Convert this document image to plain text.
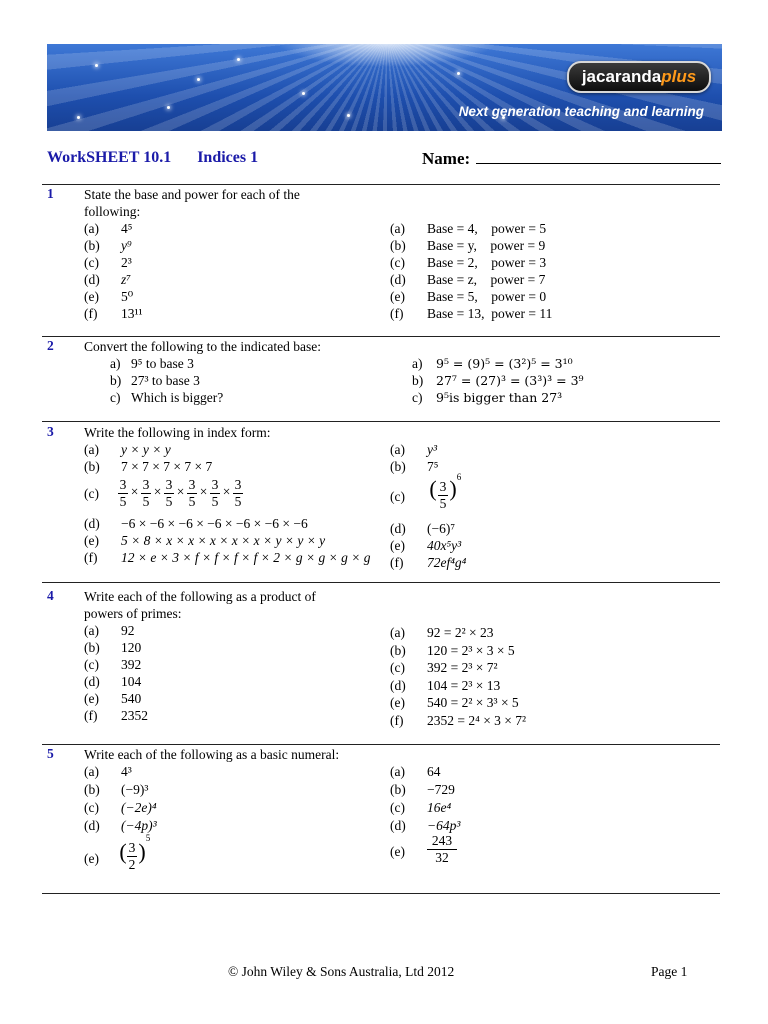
jacarandaplus
Next generation teaching and learning
WorkSHEET 10.1 Indices 1	Name:
1 State the base and power for each of the
following:
(a) 4⁵
(b) y⁹
(c) 2³
(d) z⁷
(e) 5⁰
(f) 13¹¹
(a) Base = 4,    power = 5
(b) Base = y,    power = 9
(c) Base = 2,    power = 3
(d) Base = z,    power = 7
(e) Base = 5,    power = 0
(f) Base = 13,  power = 11
2 Convert the following to the indicated base:
a) 9⁵ to base 3
b) 27³ to base 3
c) Which is bigger?
a) 9⁵ = (9)⁵ = (3²)⁵ = 3¹⁰
b) 27⁷ = (27)³ = (3³)³ = 3⁹
c) 9⁵is bigger than 27³
3 Write the following in index form:
(a) y × y × y
(b) 7 × 7 × 7 × 7 × 7
$(c) \frac{3}{5} \frac{3}{5} \frac{3}{5} \frac{3}{5} \frac{3}{5} \frac{3}{5}$
× × × × ×
(d) −6 × −6 × −6 × −6 × −6 × −6 × −6
(e) 5 × 8 × x × x × x × x × x × y × y × y
(f) 12 × e × 3 × f × f × f × f × 2 × g × g × g × g
(a) y³
(b) 7⁵
(c) ( $\frac{3}{5}$ ) 6
(d) (−6)⁷
(e) 40x⁵y³
(f) 72ef⁴g⁴
4 Write each of the following as a product of
powers of primes:
(a) 92
(b) 120
(c) 392
(d) 104
(e) 540
(f) 2352
(a) 92 = 2² × 23
(b) 120 = 2³ × 3 × 5
(c) 392 = 2³ × 7²
(d) 104 = 2³ × 13
(e) 540 = 2² × 3³ × 5
(f) 2352 = 2⁴ × 3 × 7²
5 Write each of the following as a basic numeral:
(a) 4³
(b) (−9)³
(c) (−2e)⁴
(d) (−4p)³
(e) ( $\frac{3}{2}$ )
5
(a) 64
(b) −729
(c) 16e⁴
(d) −64p³
$(e) \frac{243}{32}$
© John Wiley & Sons Australia, Ltd 2012	Page 1
